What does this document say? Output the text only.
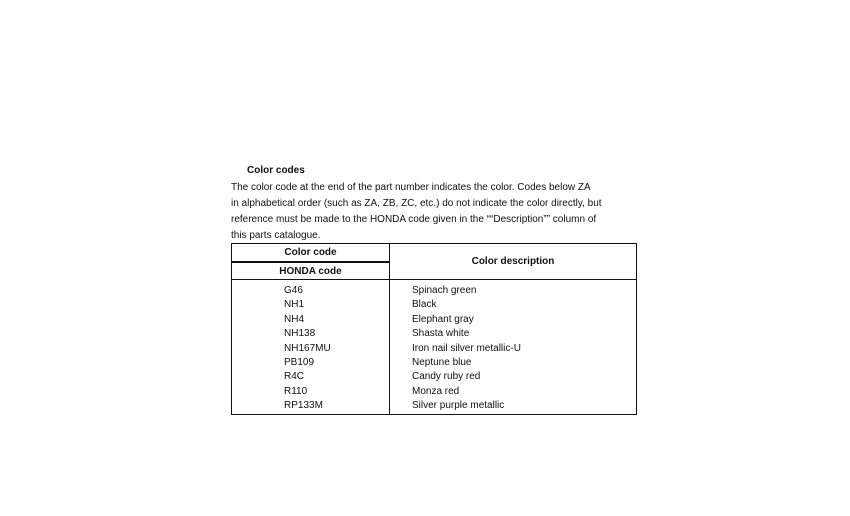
Color codes

The color code at the end of the part number indicates the color. Codes below ZA
in alphabetical order (such as ZA, ZB, ZC, etc.) do not indicate the color directly, but
reference must be made to the HONDA code given in the ““Description”” column of
this parts catalogue.

Color code	Color description
HONDA code	
G46	Spinach green
NH1	Black
NH4	Elephant gray
NH138	Shasta white
NH167MU	Iron nail silver metallic-U
PB109	Neptune blue
R4C	Candy ruby red
R110	Monza red
RP133M	Silver purple metallic
